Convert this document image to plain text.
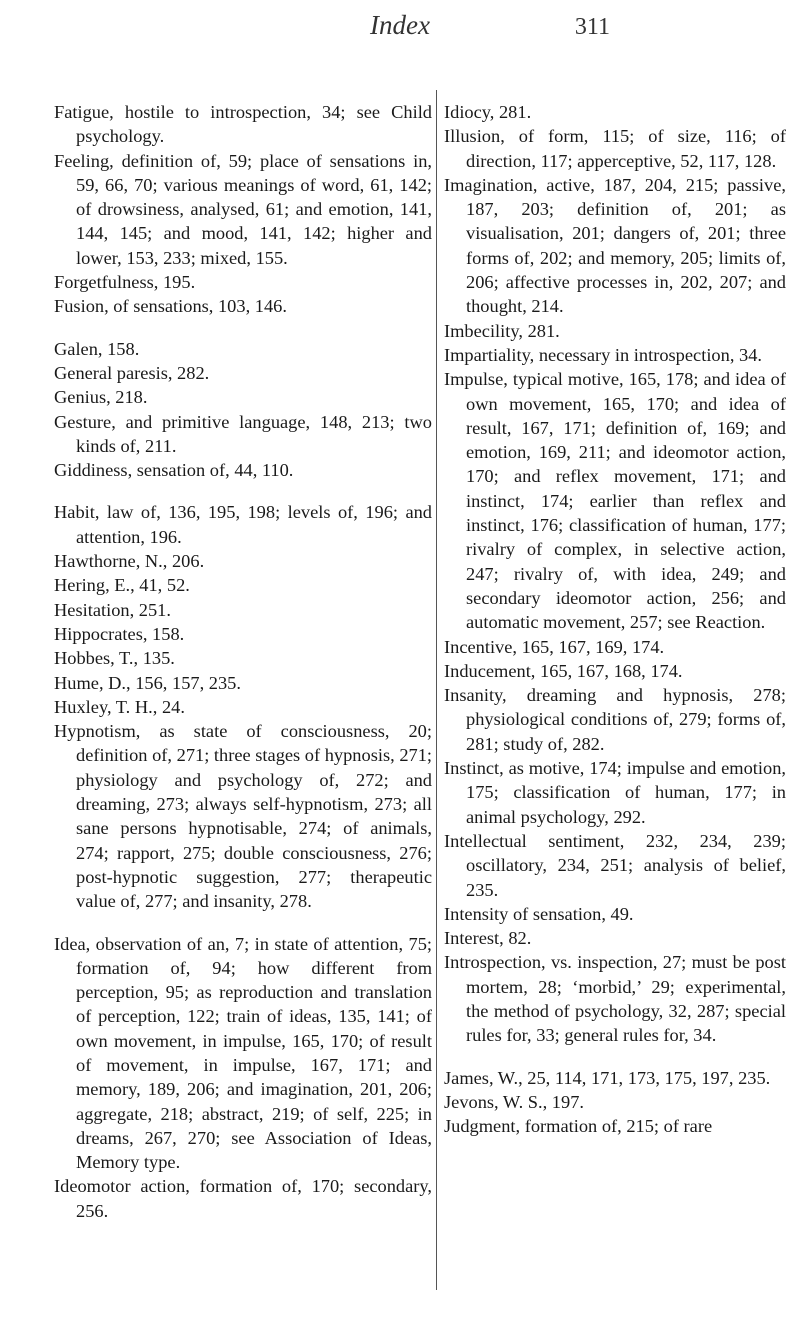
Index	311

Fatigue, hostile to introspection, 34; see Child psychology.

Feeling, definition of, 59; place of sensations in, 59, 66, 70; various meanings of word, 61, 142; of drowsiness, analysed, 61; and emotion, 141, 144, 145; and mood, 141, 142; higher and lower, 153, 233; mixed, 155.

Forgetfulness, 195.

Fusion, of sensations, 103, 146.

Galen, 158.

General paresis, 282.

Genius, 218.

Gesture, and primitive language, 148, 213; two kinds of, 211.

Giddiness, sensation of, 44, 110.

Habit, law of, 136, 195, 198; levels of, 196; and attention, 196.

Hawthorne, N., 206.

Hering, E., 41, 52.

Hesitation, 251.

Hippocrates, 158.

Hobbes, T., 135.

Hume, D., 156, 157, 235.

Huxley, T. H., 24.

Hypnotism, as state of consciousness, 20; definition of, 271; three stages of hypnosis, 271; physiology and psychology of, 272; and dreaming, 273; always self-hypnotism, 273; all sane persons hypnotisable, 274; of animals, 274; rapport, 275; double consciousness, 276; post-hypnotic suggestion, 277; therapeutic value of, 277; and insanity, 278.

Idea, observation of an, 7; in state of attention, 75; formation of, 94; how different from perception, 95; as reproduction and translation of perception, 122; train of ideas, 135, 141; of own movement, in impulse, 165, 170; of result of movement, in impulse, 167, 171; and memory, 189, 206; and imagination, 201, 206; aggregate, 218; abstract, 219; of self, 225; in dreams, 267, 270; see Association of Ideas, Memory type.

Ideomotor action, formation of, 170; secondary, 256.

Idiocy, 281.

Illusion, of form, 115; of size, 116; of direction, 117; apperceptive, 52, 117, 128.

Imagination, active, 187, 204, 215; passive, 187, 203; definition of, 201; as visualisation, 201; dangers of, 201; three forms of, 202; and memory, 205; limits of, 206; affective processes in, 202, 207; and thought, 214.

Imbecility, 281.

Impartiality, necessary in introspection, 34.

Impulse, typical motive, 165, 178; and idea of own movement, 165, 170; and idea of result, 167, 171; definition of, 169; and emotion, 169, 211; and ideomotor action, 170; and reflex movement, 171; and instinct, 174; earlier than reflex and instinct, 176; classification of human, 177; rivalry of complex, in selective action, 247; rivalry of, with idea, 249; and secondary ideomotor action, 256; and automatic movement, 257; see Reaction.

Incentive, 165, 167, 169, 174.

Inducement, 165, 167, 168, 174.

Insanity, dreaming and hypnosis, 278; physiological conditions of, 279; forms of, 281; study of, 282.

Instinct, as motive, 174; impulse and emotion, 175; classification of human, 177; in animal psychology, 292.

Intellectual sentiment, 232, 234, 239; oscillatory, 234, 251; analysis of belief, 235.

Intensity of sensation, 49.

Interest, 82.

Introspection, vs. inspection, 27; must be post mortem, 28; ‘morbid,’ 29; experimental, the method of psychology, 32, 287; special rules for, 33; general rules for, 34.

James, W., 25, 114, 171, 173, 175, 197, 235.

Jevons, W. S., 197.

Judgment, formation of, 215; of rare
